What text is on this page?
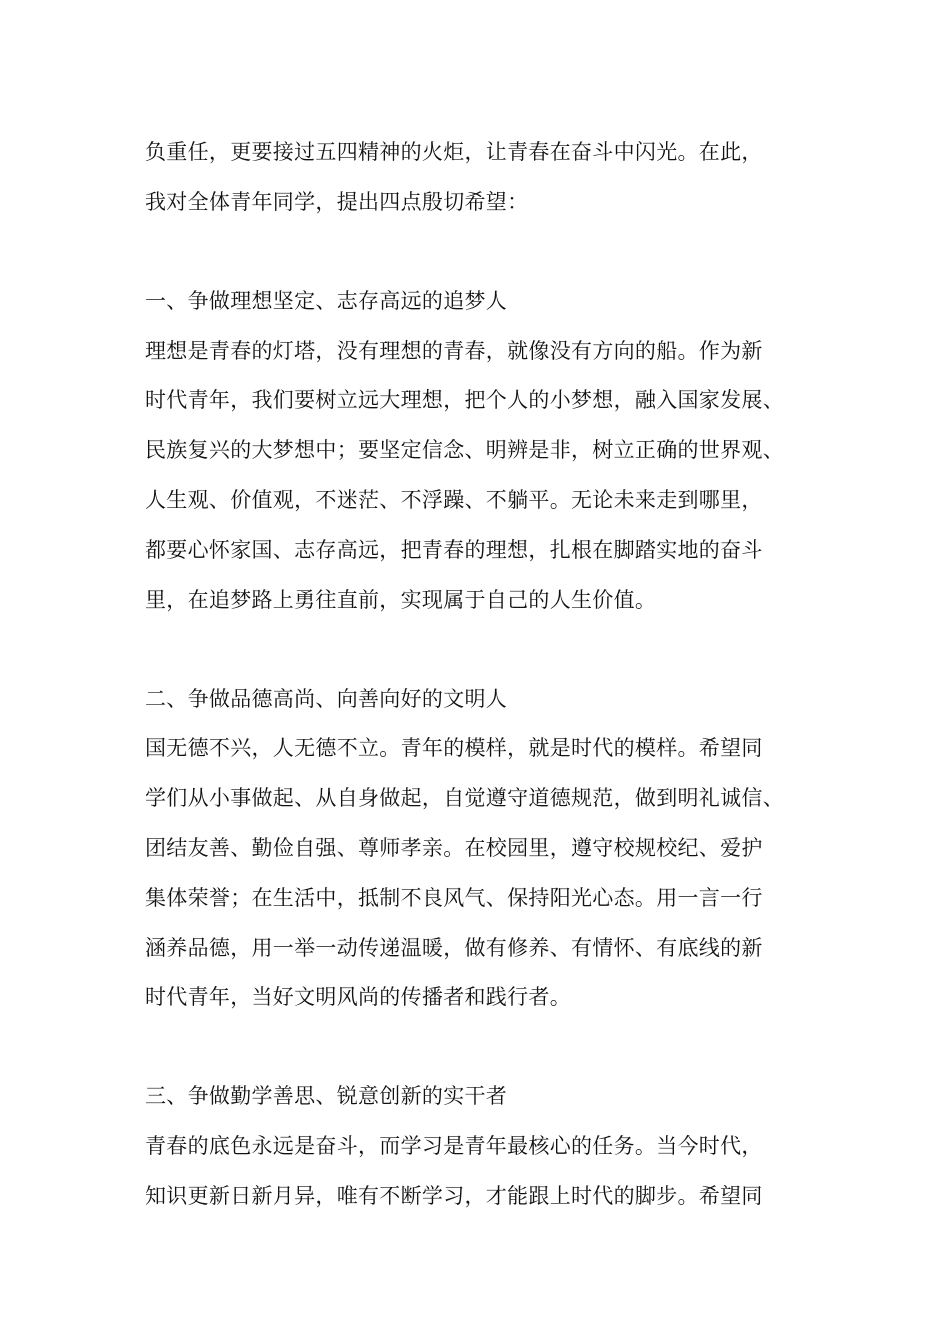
负重任，更要接过五四精神的火炬，让青春在奋斗中闪光。在此，
我对全体青年同学，提出四点殷切希望：
一、争做理想坚定、志存高远的追梦人
理想是青春的灯塔，没有理想的青春，就像没有方向的船。作为新
时代青年，我们要树立远大理想，把个人的小梦想，融入国家发展、
民族复兴的大梦想中；要坚定信念、明辨是非，树立正确的世界观、
人生观、价值观，不迷茫、不浮躁、不躺平。无论未来走到哪里，
都要心怀家国、志存高远，把青春的理想，扎根在脚踏实地的奋斗
里，在追梦路上勇往直前，实现属于自己的人生价值。
二、争做品德高尚、向善向好的文明人
国无德不兴，人无德不立。青年的模样，就是时代的模样。希望同
学们从小事做起、从自身做起，自觉遵守道德规范，做到明礼诚信、
团结友善、勤俭自强、尊师孝亲。在校园里，遵守校规校纪、爱护
集体荣誉；在生活中，抵制不良风气、保持阳光心态。用一言一行
涵养品德，用一举一动传递温暖，做有修养、有情怀、有底线的新
时代青年，当好文明风尚的传播者和践行者。
三、争做勤学善思、锐意创新的实干者
青春的底色永远是奋斗，而学习是青年最核心的任务。当今时代，
知识更新日新月异，唯有不断学习，才能跟上时代的脚步。希望同
